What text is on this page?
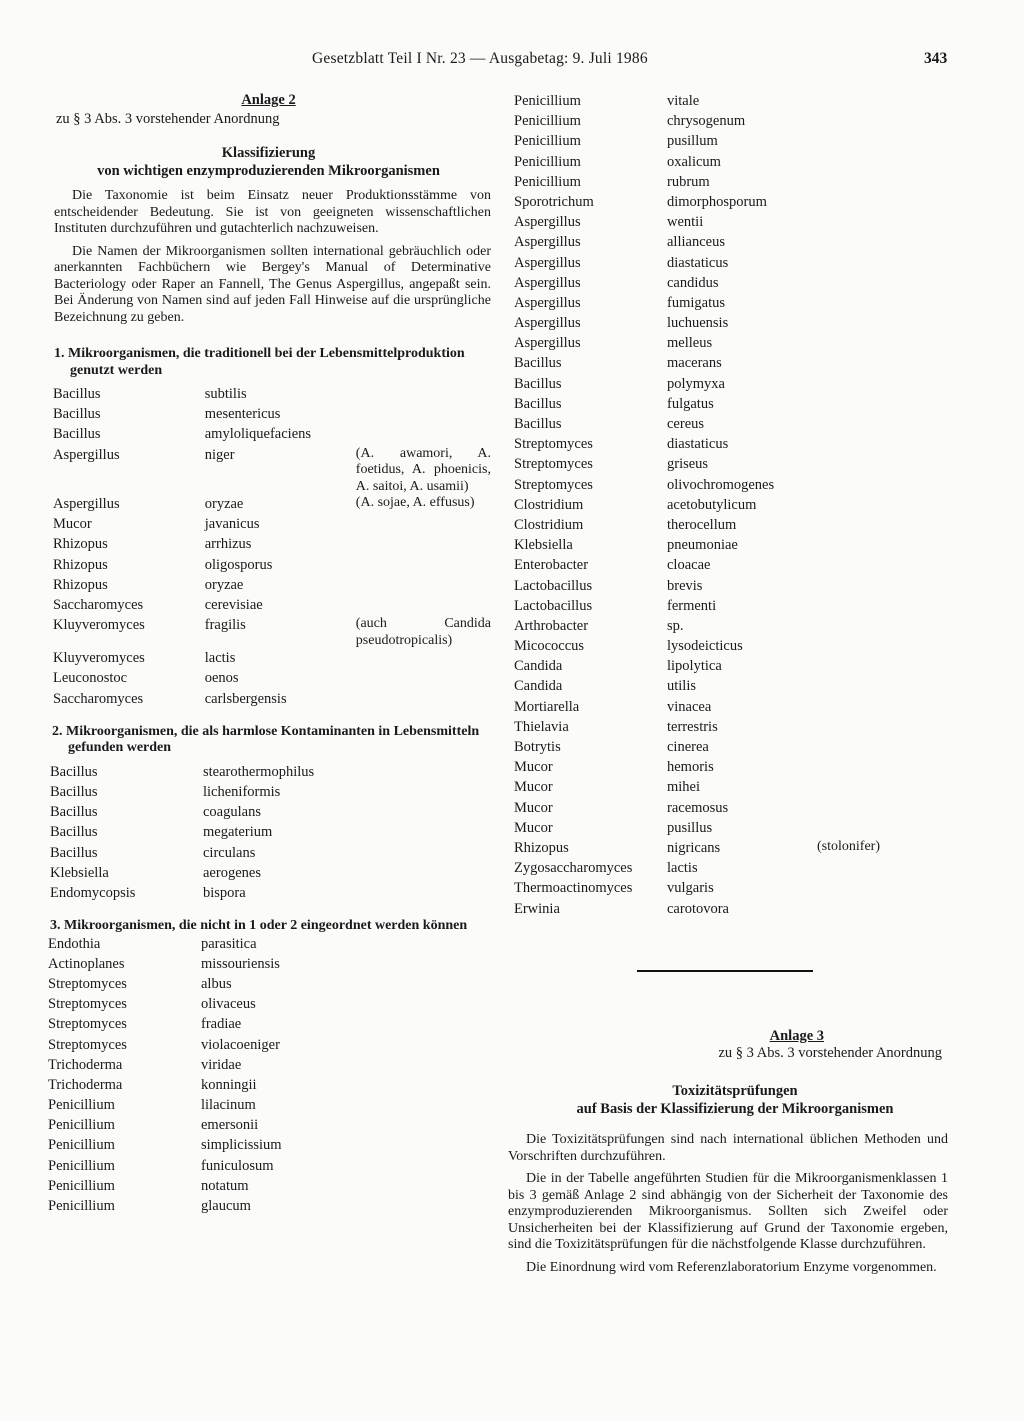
Gesetzblatt Teil I Nr. 23 — Ausgabetag: 9. Juli 1986	343
Anlage 2
zu § 3 Abs. 3 vorstehender Anordnung
Klassifizierung
von wichtigen enzymproduzierenden Mikroorganismen

Die Taxonomie ist beim Einsatz neuer Produktionsstämme von entscheidender Bedeutung. Sie ist von geeigneten wissenschaftlichen Instituten durchzuführen und gutachterlich nachzuweisen.

Die Namen der Mikroorganismen sollten international gebräuchlich oder anerkannten Fachbüchern wie Bergey's Manual of Determinative Bacteriology oder Raper an Fannell, The Genus Aspergillus, angepaßt sein. Bei Änderung von Namen sind auf jeden Fall Hinweise auf die ursprüngliche Bezeichnung zu geben.

1. Mikroorganismen, die traditionell bei der Lebensmittelproduktion genutzt werden
Bacillus	subtilis	
Bacillus	mesentericus	
Bacillus	amyloliquefaciens	
Aspergillus	niger	(A. awamori, A. foetidus, A. phoenicis, A. saitoi, A. usamii)
Aspergillus	oryzae	(A. sojae, A. effusus)
Mucor	javanicus	
Rhizopus	arrhizus	
Rhizopus	oligosporus	
Rhizopus	oryzae	
Saccharomyces	cerevisiae	
Kluyveromyces	fragilis	(auch Candida pseudotropicalis)
Kluyveromyces	lactis	
Leuconostoc	oenos	
Saccharomyces	carlsbergensis	
2. Mikroorganismen, die als harmlose Kontaminanten in Lebensmitteln gefunden werden
Bacillus	stearothermophilus
Bacillus	licheniformis
Bacillus	coagulans
Bacillus	megaterium
Bacillus	circulans
Klebsiella	aerogenes
Endomycopsis	bispora
3. Mikroorganismen, die nicht in 1 oder 2 eingeordnet werden können
Endothia	parasitica
Actinoplanes	missouriensis
Streptomyces	albus
Streptomyces	olivaceus
Streptomyces	fradiae
Streptomyces	violacoeniger
Trichoderma	viridae
Trichoderma	konningii
Penicillium	lilacinum
Penicillium	emersonii
Penicillium	simplicissium
Penicillium	funiculosum
Penicillium	notatum
Penicillium	glaucum
Penicillium	vitale	
Penicillium	chrysogenum	
Penicillium	pusillum	
Penicillium	oxalicum	
Penicillium	rubrum	
Sporotrichum	dimorphosporum	
Aspergillus	wentii	
Aspergillus	allianceus	
Aspergillus	diastaticus	
Aspergillus	candidus	
Aspergillus	fumigatus	
Aspergillus	luchuensis	
Aspergillus	melleus	
Bacillus	macerans	
Bacillus	polymyxa	
Bacillus	fulgatus	
Bacillus	cereus	
Streptomyces	diastaticus	
Streptomyces	griseus	
Streptomyces	olivochromogenes	
Clostridium	acetobutylicum	
Clostridium	therocellum	
Klebsiella	pneumoniae	
Enterobacter	cloacae	
Lactobacillus	brevis	
Lactobacillus	fermenti	
Arthrobacter	sp.	
Micococcus	lysodeicticus	
Candida	lipolytica	
Candida	utilis	
Mortiarella	vinacea	
Thielavia	terrestris	
Botrytis	cinerea	
Mucor	hemoris	
Mucor	mihei	
Mucor	racemosus	
Mucor	pusillus	
Rhizopus	nigricans	(stolonifer)
Zygosaccharomyces	lactis	
Thermoactinomyces	vulgaris	
Erwinia	carotovora	
Anlage 3
zu § 3 Abs. 3 vorstehender Anordnung
Toxizitätsprüfungen
auf Basis der Klassifizierung der Mikroorganismen

Die Toxizitätsprüfungen sind nach international üblichen Methoden und Vorschriften durchzuführen.

Die in der Tabelle angeführten Studien für die Mikroorganismenklassen 1 bis 3 gemäß Anlage 2 sind abhängig von der Sicherheit der Taxonomie des enzymproduzierenden Mikroorganismus. Sollten sich Zweifel oder Unsicherheiten bei der Klassifizierung auf Grund der Taxonomie ergeben, sind die Toxizitätsprüfungen für die nächstfolgende Klasse durchzuführen.

Die Einordnung wird vom Referenzlaboratorium Enzyme vorgenommen.
